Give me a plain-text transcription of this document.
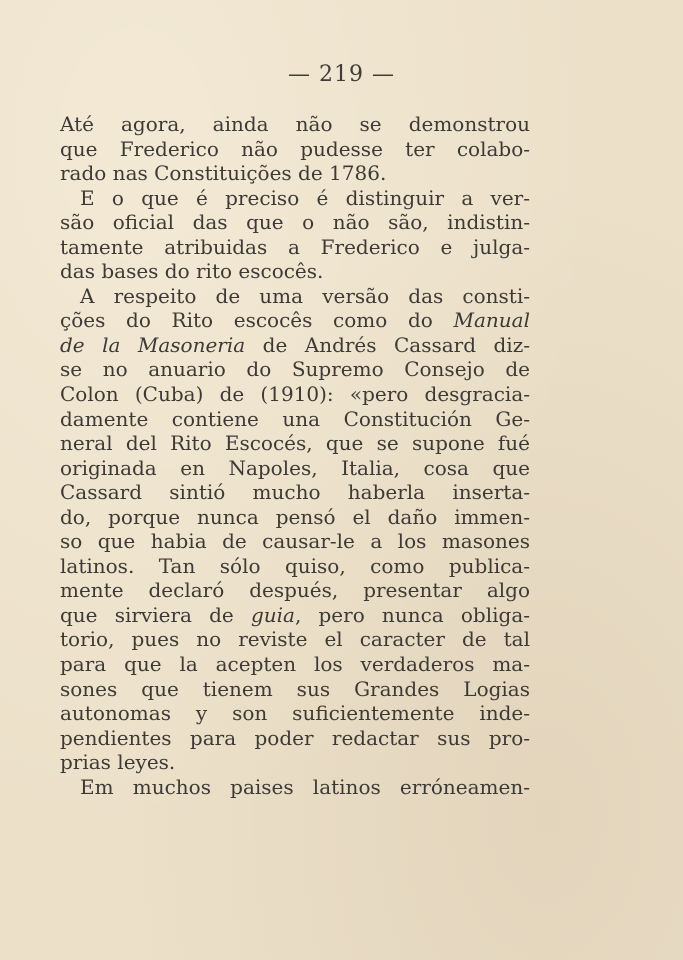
— 219 —
Até agora, ainda não se demonstrou
que Frederico não pudesse ter colabo-
rado nas Constituições de 1786.
E o que é preciso é distinguir a ver-
são oficial das que o não são, indistin-
tamente atribuidas a Frederico e julga-
das bases do rito escocês.
A respeito de uma versão das consti-
ções do Rito escocês como do Manual
de la Masoneria de Andrés Cassard diz-
se no anuario do Supremo Consejo de
Colon (Cuba) de (1910): «pero desgracia-
damente contiene una Constitución Ge-
neral del Rito Escocés, que se supone fué
originada en Napoles, Italia, cosa que
Cassard sintió mucho haberla inserta-
do, porque nunca pensó el daño immen-
so que habia de causar-le a los masones
latinos. Tan sólo quiso, como publica-
mente declaró después, presentar algo
que sirviera de guia, pero nunca obliga-
torio, pues no reviste el caracter de tal
para que la acepten los verdaderos ma-
sones que tienem sus Grandes Logias
autonomas y son suficientemente inde-
pendientes para poder redactar sus pro-
prias leyes.
Em muchos paises latinos erróneamen-
